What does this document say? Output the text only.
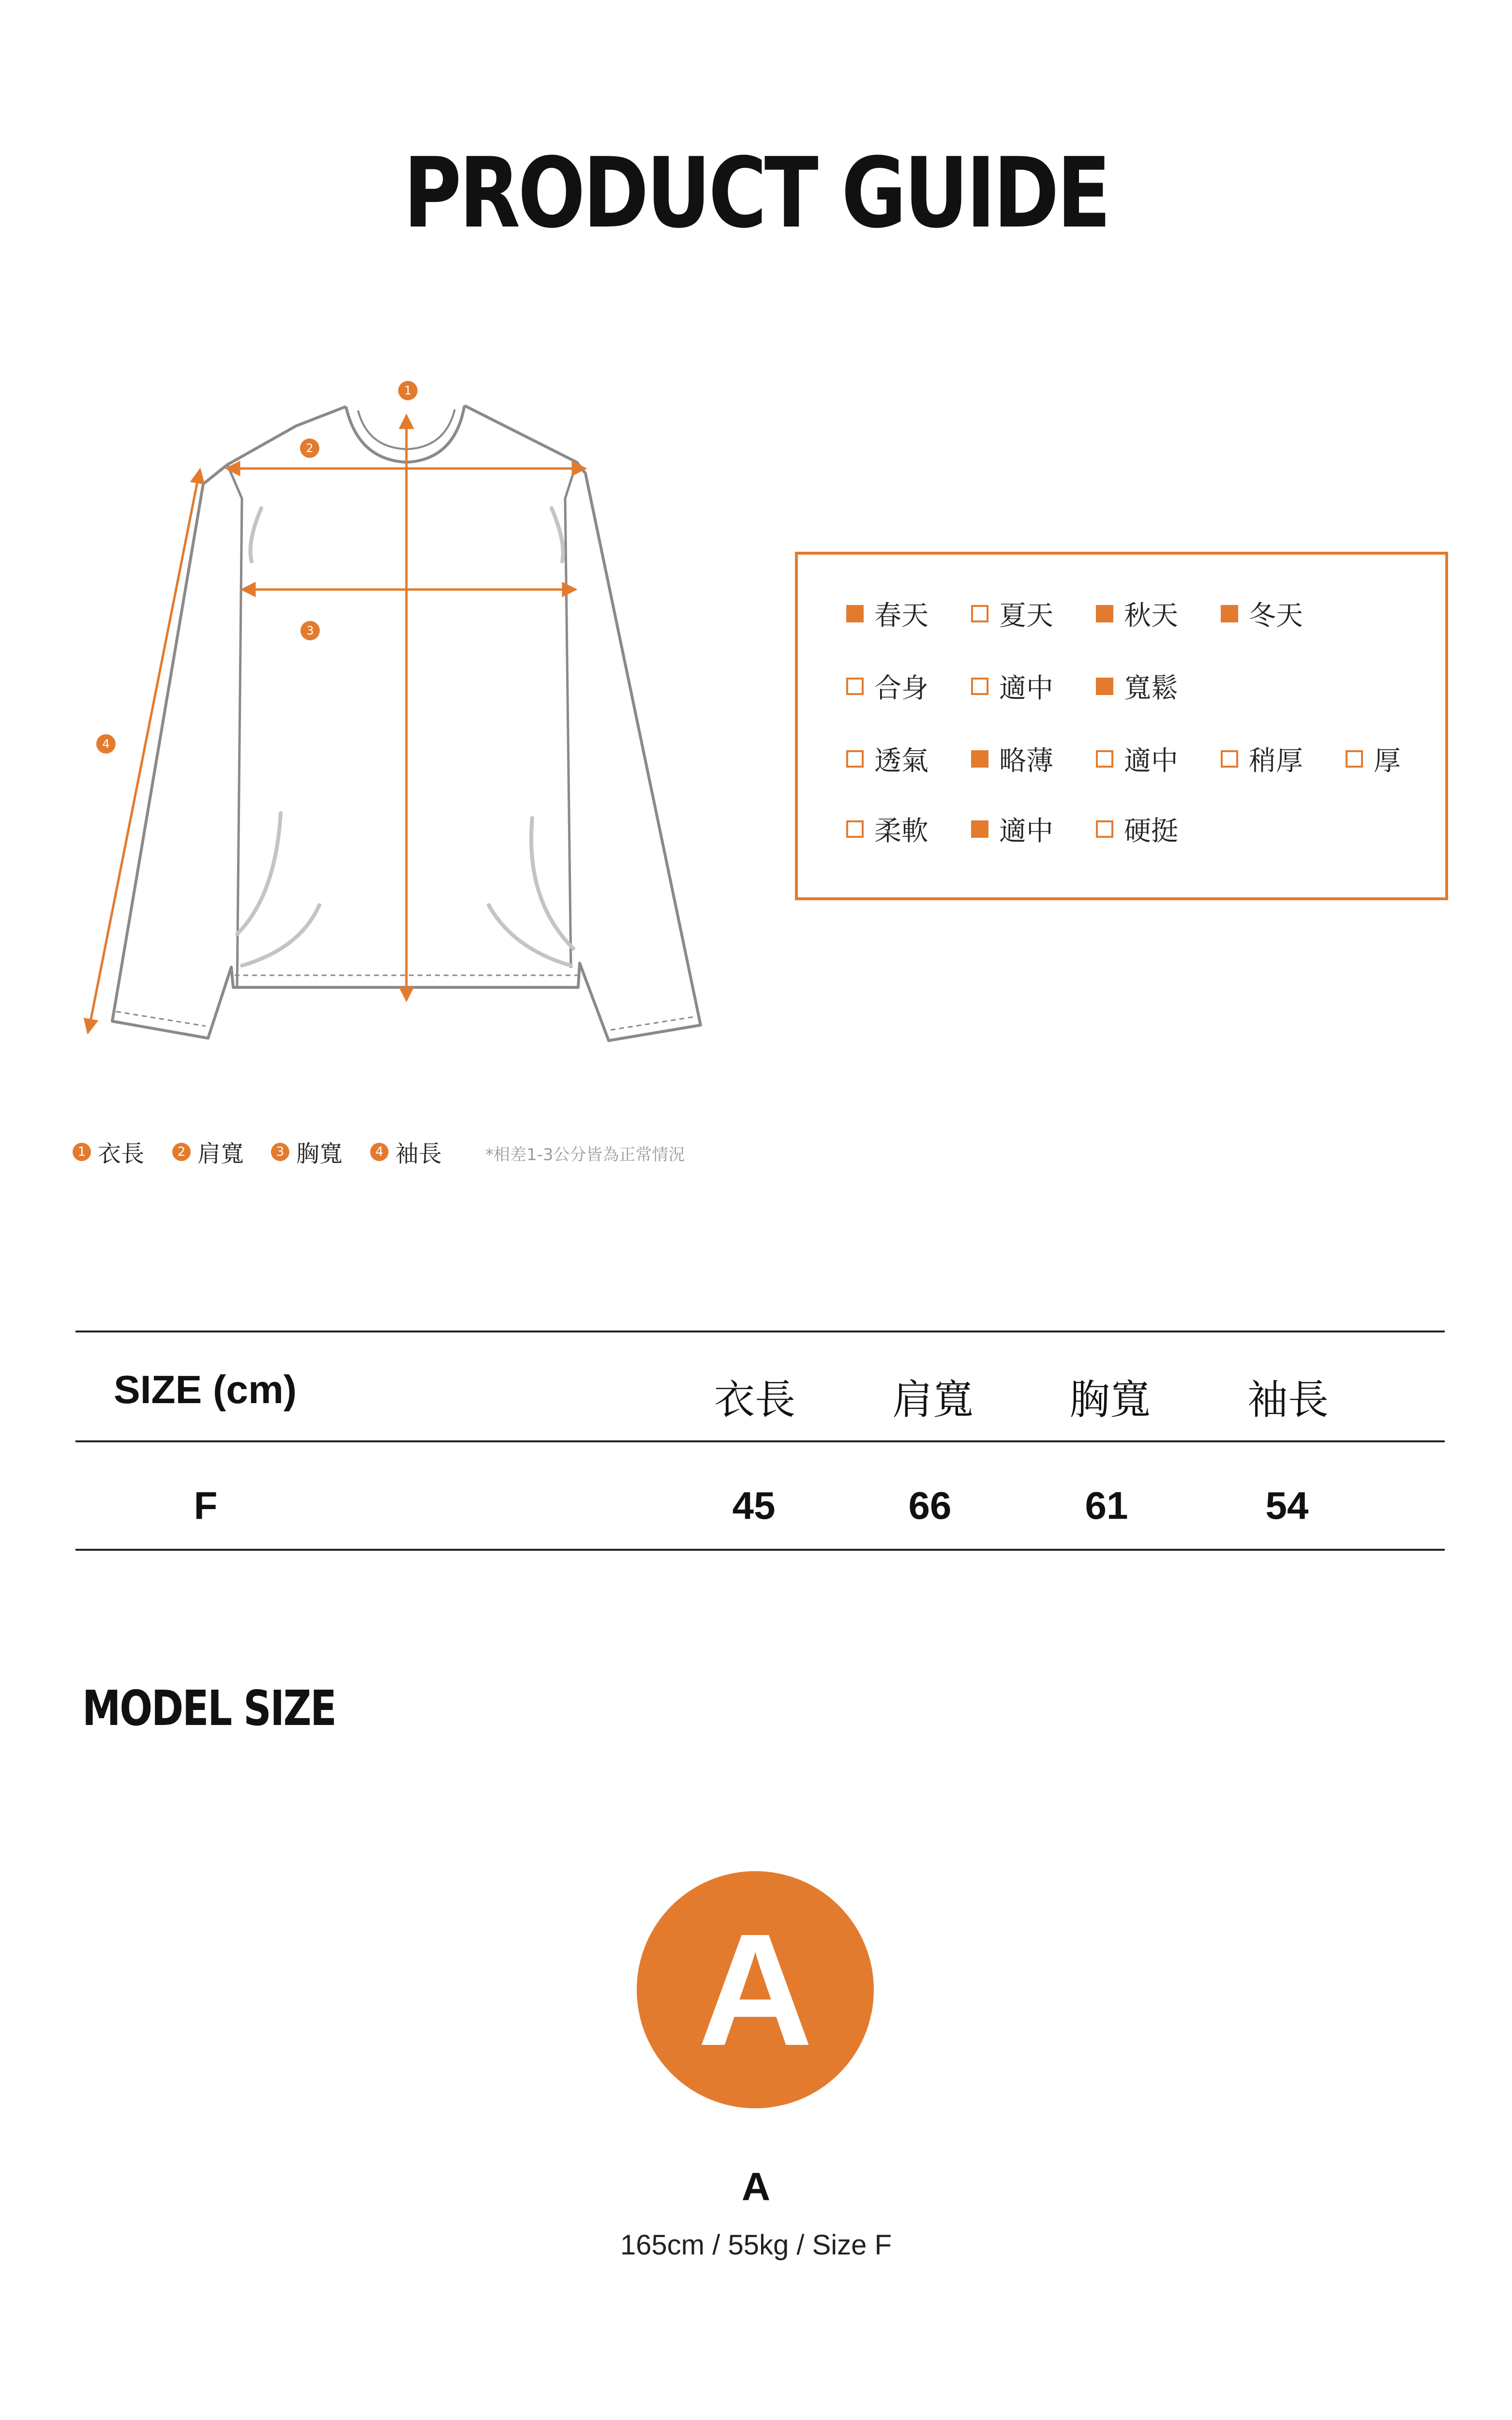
PRODUCT GUIDE
1
2
3
4
春天	夏天	秋天	冬天
合身	適中	寬鬆
透氣	略薄	適中	稍厚	厚
柔軟	適中	硬挺
1 衣長	2 肩寬	3 胸寬	4 袖長	*相差1-3公分皆為正常情況
SIZE (cm)	衣長	肩寬	胸寬	袖長
F	45	66	61	54
MODEL SIZE
A
A
165cm / 55kg / Size F
